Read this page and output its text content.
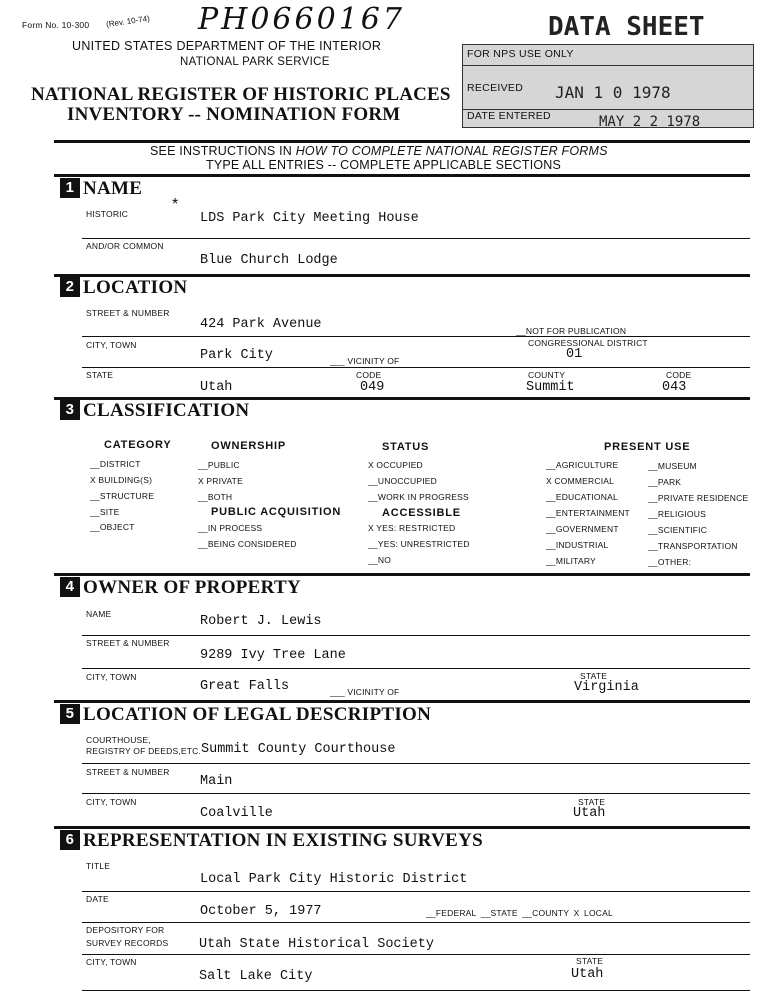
Form No. 10-300 (Rev. 10-74) PH0660167
UNITED STATES DEPARTMENT OF THE INTERIOR
NATIONAL PARK SERVICE
NATIONAL REGISTER OF HISTORIC PLACES
INVENTORY -- NOMINATION FORM
DATA SHEET
FOR NPS USE ONLY
RECEIVED JAN 1 0 1978
DATE ENTERED	MAY 2 2 1978
SEE INSTRUCTIONS IN HOW TO COMPLETE NATIONAL REGISTER FORMS
TYPE ALL ENTRIES -- COMPLETE APPLICABLE SECTIONS
1 NAME
HISTORIC
*
LDS Park City Meeting House
AND/OR COMMON
Blue Church Lodge
2 LOCATION
STREET & NUMBER
424 Park Avenue	__NOT FOR PUBLICATION
CITY, TOWN	CONGRESSIONAL DISTRICT
Park City	___ VICINITY OF	01
STATE	CODE	COUNTY	CODE
Utah	049	Summit	043
3 CLASSIFICATION
CATEGORY	OWNERSHIP	STATUS	PRESENT USE
__DISTRICT
X BUILDING(S)
__STRUCTURE
__SITE
__OBJECT
__PUBLIC
X PRIVATE
__BOTH
PUBLIC ACQUISITION
__IN PROCESS
__BEING CONSIDERED
X OCCUPIED
__UNOCCUPIED
__WORK IN PROGRESS
ACCESSIBLE
X YES: RESTRICTED
__YES: UNRESTRICTED
__NO
__AGRICULTURE
X COMMERCIAL
__EDUCATIONAL
__ENTERTAINMENT
__GOVERNMENT
__INDUSTRIAL
__MILITARY
__MUSEUM
__PARK
__PRIVATE RESIDENCE
__RELIGIOUS
__SCIENTIFIC
__TRANSPORTATION
__OTHER:
4 OWNER OF PROPERTY
NAME	Robert J. Lewis
STREET & NUMBER
9289 Ivy Tree Lane
CITY, TOWN	STATE
Great Falls	___ VICINITY OF	Virginia
5 LOCATION OF LEGAL DESCRIPTION
COURTHOUSE,
REGISTRY OF DEEDS,ETC. Summit County Courthouse
STREET & NUMBER
Main
CITY, TOWN	STATE
Coalville	Utah
6 REPRESENTATION IN EXISTING SURVEYS
TITLE
Local Park City Historic District
DATE
October 5, 1977	__FEDERAL __STATE __COUNTY X LOCAL
DEPOSITORY FOR
SURVEY RECORDS Utah State Historical Society
CITY, TOWN	STATE
Salt Lake City	Utah
